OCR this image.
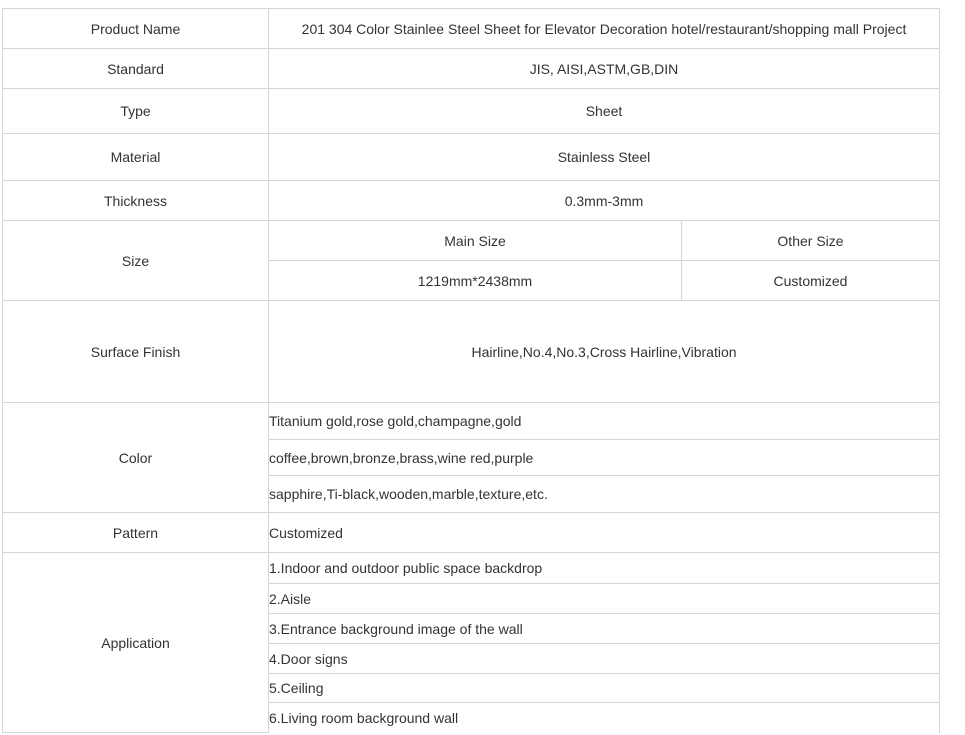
Product Name	201 304 Color Stainlee Steel Sheet for Elevator Decoration hotel/restaurant/shopping mall Project	
Standard	JIS, AISI,ASTM,GB,DIN	
Type	Sheet	
Material	Stainless Steel	
Thickness	0.3mm-3mm	
Size	Main Size	Other Size
	1219mm*2438mm	Customized
Surface Finish	Hairline,No.4,No.3,Cross Hairline,Vibration	
Color	Titanium gold,rose gold,champagne,gold	
	coffee,brown,bronze,brass,wine red,purple	
	sapphire,Ti-black,wooden,marble,texture,etc.	
Pattern	Customized	
Application	1.Indoor and outdoor public space backdrop	
	2.Aisle	
	3.Entrance background image of the wall	
	4.Door signs	
	5.Ceiling	
	6.Living room background wall	
